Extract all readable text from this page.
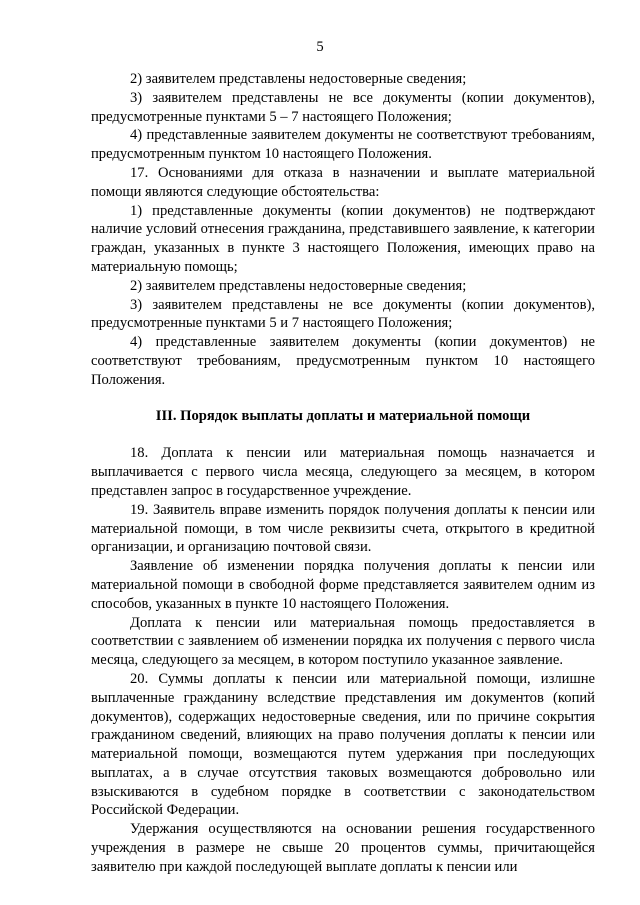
5

2) заявителем представлены недостоверные сведения;

3) заявителем представлены не все документы (копии документов), предусмотренные пунктами 5 – 7 настоящего Положения;

4) представленные заявителем документы не соответствуют требованиям, предусмотренным пунктом 10 настоящего Положения.

17. Основаниями для отказа в назначении и выплате материальной помощи являются следующие обстоятельства:

1) представленные документы (копии документов) не подтверждают наличие условий отнесения гражданина, представившего заявление, к категории граждан, указанных в пункте 3 настоящего Положения, имеющих право на материальную помощь;

2) заявителем представлены недостоверные сведения;

3) заявителем представлены не все документы (копии документов), предусмотренные пунктами 5 и 7 настоящего Положения;

4) представленные заявителем документы (копии документов) не соответствуют требованиям, предусмотренным пунктом 10 настоящего Положения.

III. Порядок выплаты доплаты и материальной помощи

18. Доплата к пенсии или материальная помощь назначается и выплачивается с первого числа месяца, следующего за месяцем, в котором представлен запрос в государственное учреждение.

19. Заявитель вправе изменить порядок получения доплаты к пенсии или материальной помощи, в том числе реквизиты счета, открытого в кредитной организации, и организацию почтовой связи.

Заявление об изменении порядка получения доплаты к пенсии или материальной помощи в свободной форме представляется заявителем одним из способов, указанных в пункте 10 настоящего Положения.

Доплата к пенсии или материальная помощь предоставляется в соответствии с заявлением об изменении порядка их получения с первого числа месяца, следующего за месяцем, в котором поступило указанное заявление.

20. Суммы доплаты к пенсии или материальной помощи, излишне выплаченные гражданину вследствие представления им документов (копий документов), содержащих недостоверные сведения, или по причине сокрытия гражданином сведений, влияющих на право получения доплаты к пенсии или материальной помощи, возмещаются путем удержания при последующих выплатах, а в случае отсутствия таковых возмещаются добровольно или взыскиваются в судебном порядке в соответствии с законодательством Российской Федерации.

Удержания осуществляются на основании решения государственного учреждения в размере не свыше 20 процентов суммы, причитающейся заявителю при каждой последующей выплате доплаты к пенсии или
